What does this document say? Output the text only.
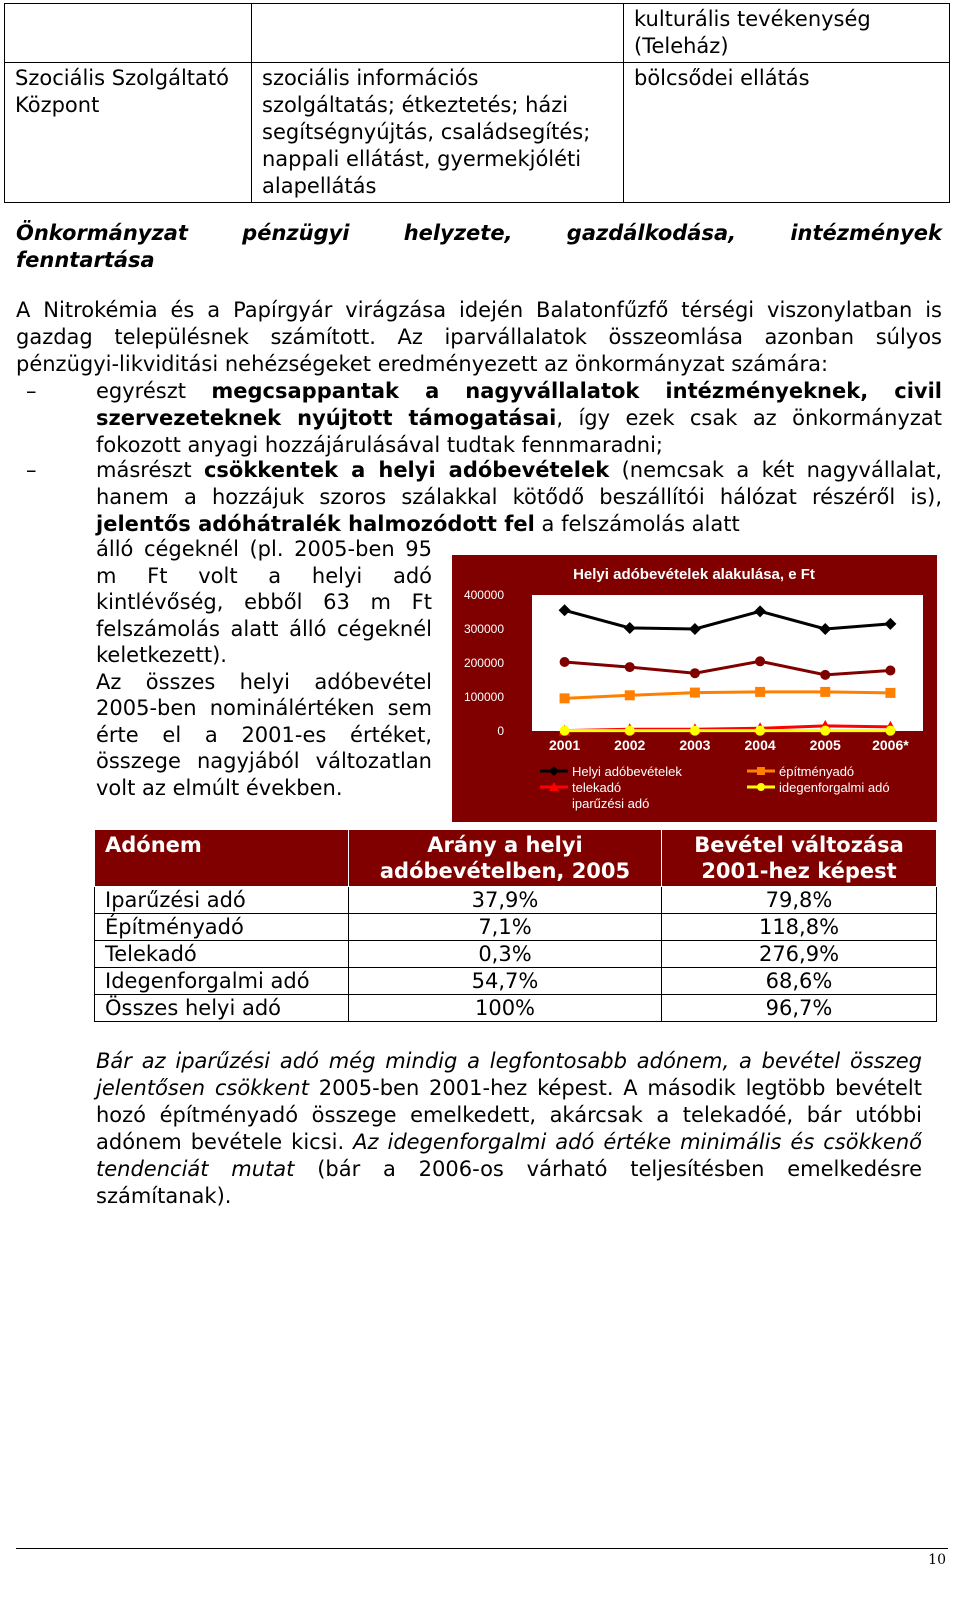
		kulturális tevékenység (Teleház)

Szociális Szolgáltató Központ	szociális információs szolgáltatás; étkeztetés; házi segítségnyújtás, családsegítés; nappali ellátást, gyermekjóléti alapellátás	bölcsődei ellátás
Önkormányzat	pénzügyi	helyzete,	gazdálkodása,	intézmények
fenntartása
A Nitrokémia és a Papírgyár virágzása idején Balatonfűzfő térségi viszonylatban is gazdag településnek számított. Az iparvállalatok összeomlása azonban súlyos pénzügyi-likviditási nehézségeket eredményezett az önkormányzat számára:
–	egyrészt megcsappantak a nagyvállalatok intézményeknek, civil szervezeteknek nyújtott támogatásai, így ezek csak az önkormányzat fokozott anyagi hozzájárulásával tudtak fennmaradni;
–	másrészt csökkentek a helyi adóbevételek (nemcsak a két nagyvállalat, hanem a hozzájuk szoros szálakkal kötődő beszállítói hálózat részéről is), jelentős adóhátralék halmozódott fel a felszámolás alatt
álló cégeknél (pl. 2005-ben 95 m Ft volt a helyi adó kintlévőség, ebből 63 m Ft felszámolás alatt álló cégeknél keletkezett).
Az összes helyi adóbevétel 2005-ben nominálértéken sem érte el a 2001-es értéket, összege nagyjából változatlan volt az elmúlt években.
Helyi adóbevételek alakulása, e Ft
400000
300000
200000
100000
0
2001 2002 2003 2004 2005 2006*
Helyi adóbevételek
iparűzési adó
építményadó
telekadó	idegenforgalmi adó
Adónem	Arány a helyi adóbevételben, 2005	Bevétel változása 2001-hez képest
Iparűzési adó	37,9%	79,8%
Építményadó	7,1%	118,8%
Telekadó	0,3%	276,9%
Idegenforgalmi adó	54,7%	68,6%
Összes helyi adó	100%	96,7%
Bár az iparűzési adó még mindig a legfontosabb adónem, a bevétel összeg jelentősen csökkent 2005-ben 2001-hez képest. A második legtöbb bevételt hozó építményadó összege emelkedett, akárcsak a telekadóé, bár utóbbi adónem bevétele kicsi. Az idegenforgalmi adó értéke minimális és csökkenő tendenciát mutat (bár a 2006-os várható teljesítésben emelkedésre számítanak).
10
